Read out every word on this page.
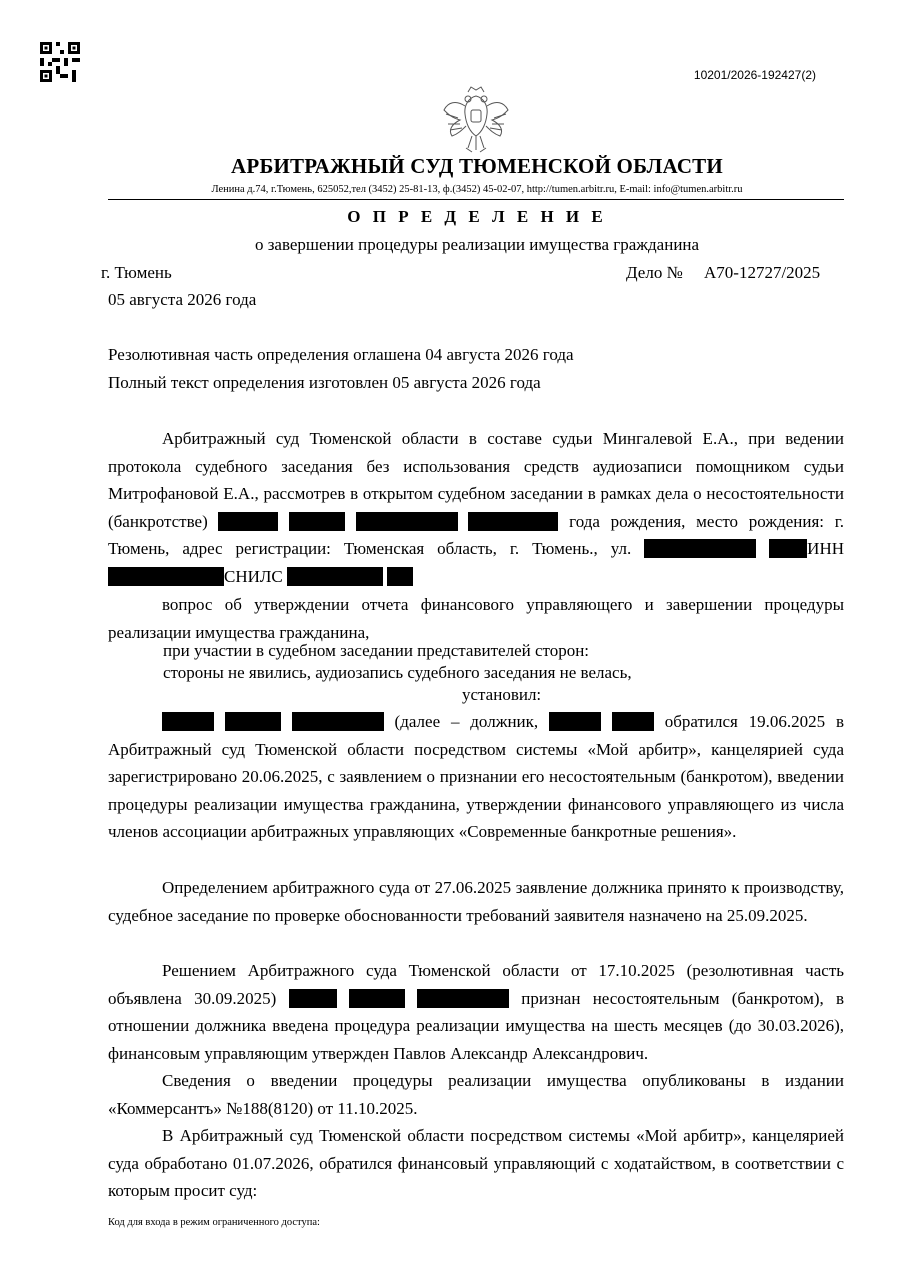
10201/2026-192427(2)
АРБИТРАЖНЫЙ СУД ТЮМЕНСКОЙ ОБЛАСТИ
Ленина д.74, г.Тюмень, 625052,тел (3452) 25-81-13, ф.(3452) 45-02-07, http://tumen.arbitr.ru, E-mail: info@tumen.arbitr.ru
О П Р Е Д Е Л Е Н И Е
о завершении процедуры реализации имущества гражданина
г. Тюмень	Дело № А70-12727/2025
05 августа 2026 года
Резолютивная часть определения оглашена 04 августа 2026 года
Полный текст определения изготовлен 05 августа 2026 года
Арбитражный суд Тюменской области в составе судьи Мингалевой Е.А., при ведении протокола судебного заседания без использования средств аудиозаписи помощником судьи Митрофановой Е.А., рассмотрев в открытом судебном заседании в рамках дела о несостоятельности (банкротстве)	года рождения, место рождения: г. Тюмень, адрес регистрации: Тюменская область, г. Тюмень., ул.	ИНН СНИЛС
вопрос об утверждении отчета финансового управляющего и завершении процедуры реализации имущества гражданина,
при участии в судебном заседании представителей сторон:
стороны не явились, аудиозапись судебного заседания не велась,
установил:
(далее – должник,	обратился 19.06.2025 в Арбитражный суд Тюменской области посредством системы «Мой арбитр», канцелярией суда зарегистрировано 20.06.2025, с заявлением о признании его несостоятельным (банкротом), введении процедуры реализации имущества гражданина, утверждении финансового управляющего из числа членов ассоциации арбитражных управляющих «Современные банкротные решения».
Определением арбитражного суда от 27.06.2025 заявление должника принято к производству, судебное заседание по проверке обоснованности требований заявителя назначено на 25.09.2025.
Решением Арбитражного суда Тюменской области от 17.10.2025 (резолютивная часть объявлена 30.09.2025)	признан несостоятельным (банкротом), в отношении должника введена процедура реализации имущества на шесть месяцев (до 30.03.2026), финансовым управляющим утвержден Павлов Александр Александрович.
Сведения о введении процедуры реализации имущества опубликованы в издании «Коммерсантъ» №188(8120) от 11.10.2025.
В Арбитражный суд Тюменской области посредством системы «Мой арбитр», канцелярией суда обработано 01.07.2026, обратился финансовый управляющий с ходатайством, в соответствии с которым просит суд:
Код для входа в режим ограниченного доступа:
